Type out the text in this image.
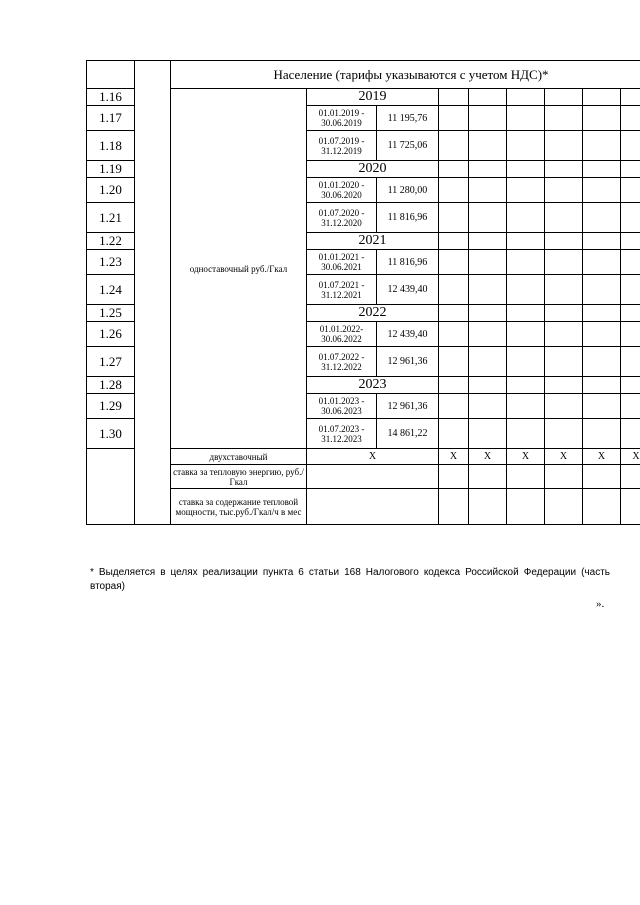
		Население (тарифы указываются с учетом НДС)*								
1.16		одноставочный руб./Гкал	2019							
1.17			01.01.2019 - 30.06.2019	11 195,76						
1.18			01.07.2019 - 31.12.2019	11 725,06						
1.19			2020							
1.20			01.01.2020 - 30.06.2020	11 280,00						
1.21			01.07.2020 - 31.12.2020	11 816,96						
1.22			2021							
1.23			01.01.2021 - 30.06.2021	11 816,96						
1.24			01.07.2021 - 31.12.2021	12 439,40						
1.25			2022							
1.26			01.01.2022- 30.06.2022	12 439,40						
1.27			01.07.2022 - 31.12.2022	12 961,36						
1.28			2023							
1.29			01.01.2023 - 30.06.2023	12 961,36						
1.30			01.07.2023 - 31.12.2023	14 861,22						
		двухставочный	Х		Х	Х	Х	Х	Х	Х
		ставка за тепловую энергию, руб./Гкал								
		ставка за содержание тепловой мощности, тыс.руб./Гкал/ч в мес								
* Выделяется в целях реализации пункта 6 статьи 168 Налогового кодекса Российской Федерации (часть вторая)
».
